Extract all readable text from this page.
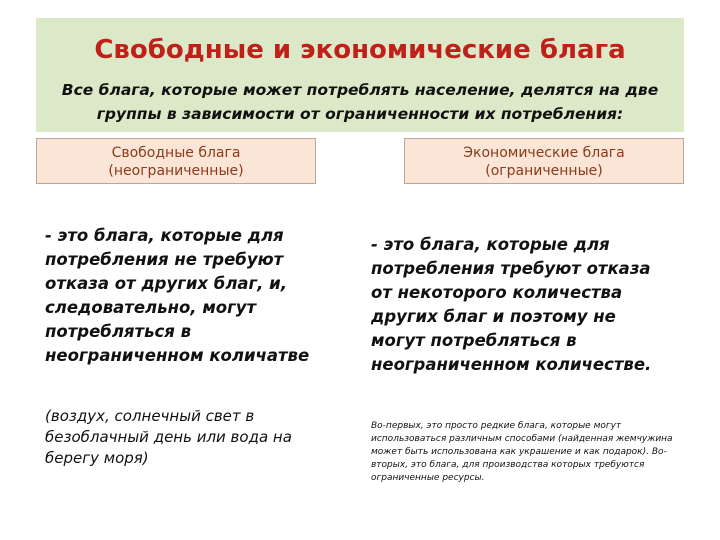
Свободные и экономические блага
Все блага, которые может потреблять население, делятся на две группы в зависимости от ограниченности их потребления:
Свободные блага
(неограниченные)
Экономические блага
(ограниченные)
- это блага, которые для потребления не требуют отказа от других благ, и, следовательно, могут потребляться в неограниченном количатве
(воздух, солнечный свет в безоблачный день или вода на берегу моря)
- это блага, которые для потребления требуют отказа от некоторого количества других благ и поэтому не могут потребляться в неограниченном количестве.
Во-первых, это просто редкие блага, которые могут использоваться различным способами (найденная жемчужина может быть использована как украшение и как подарок). Во-вторых, это блага, для производства которых требуются ограниченные ресурсы.
